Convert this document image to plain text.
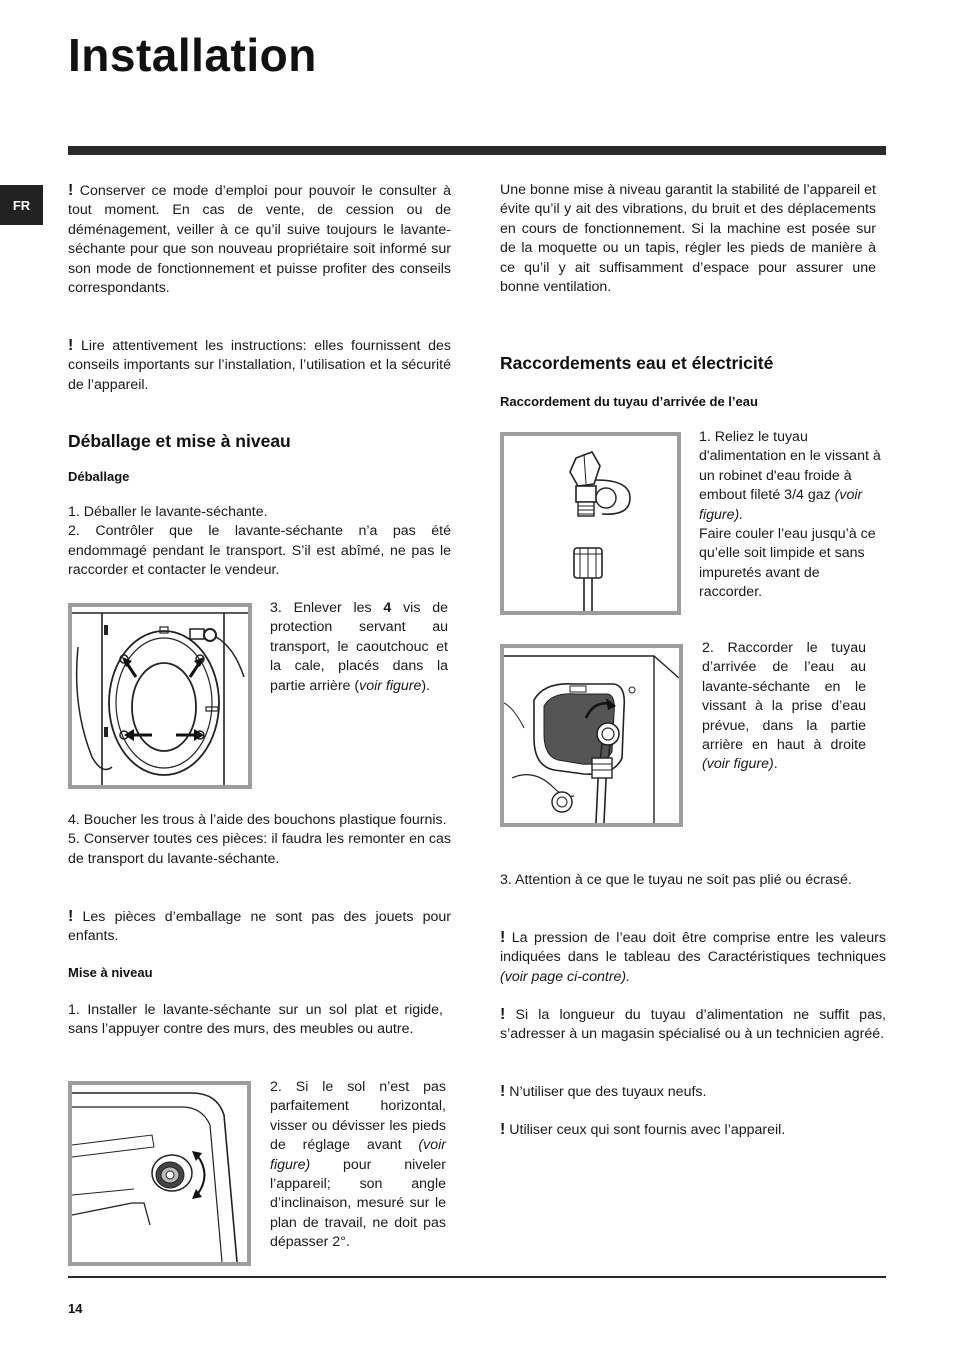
Installation
FR
! Conserver ce mode d’emploi pour pouvoir le consulter à tout moment. En cas de vente, de cession ou de déménagement, veiller à ce qu’il suive toujours le lavante-séchante pour que son nouveau propriétaire soit informé sur son mode de fonctionnement et puisse profiter des conseils correspondants.
! Lire attentivement les instructions: elles fournissent des conseils importants sur l’installation, l’utilisation et la sécurité de l’appareil.
Déballage et mise à niveau
Déballage

1. Déballer le lavante-séchante.

2. Contrôler que le lavante-séchante n’a pas été endommagé pendant le transport. S’il est abîmé, ne pas le raccorder et contacter le vendeur.

3. Enlever les 4 vis de protection servant au transport, le caoutchouc et la cale, placés dans la partie arrière (voir figure).

4. Boucher les trous à l’aide des bouchons plastique fournis.

5. Conserver toutes ces pièces: il faudra les remonter en cas de transport du lavante-séchante.

! Les pièces d’emballage ne sont pas des jouets pour enfants.
Mise à niveau

1. Installer le lavante-séchante sur un sol plat et rigide, sans l’appuyer contre des murs, des meubles ou autre.

2. Si le sol n’est pas parfaitement horizontal, visser ou dévisser les pieds de réglage avant (voir figure) pour niveler l’appareil; son angle d’inclinaison, mesuré sur le plan de travail, ne doit pas dépasser 2°.

Une bonne mise à niveau garantit la stabilité de l’appareil et évite qu’il y ait des vibrations, du bruit et des déplacements en cours de fonctionnement. Si la machine est posée sur de la moquette ou un tapis, régler les pieds de manière à ce qu’il y ait suffisamment d’espace pour assurer une bonne ventilation.

Raccordements eau et électricité
Raccordement du tuyau d’arrivée de l’eau

1. Reliez le tuyau d'alimentation en le vissant à un robinet d'eau froide à embout fileté 3/4 gaz (voir figure).

Faire couler l’eau jusqu’à ce qu’elle soit limpide et sans impuretés avant de raccorder.

2. Raccorder le tuyau d’arrivée de l’eau au lavante-séchante en le vissant à la prise d’eau prévue, dans la partie arrière en haut à droite (voir figure).

3. Attention à ce que le tuyau ne soit pas plié ou écrasé.

! La pression de l’eau doit être comprise entre les valeurs indiquées dans le tableau des Caractéristiques techniques (voir page ci-contre).
! Si la longueur du tuyau d’alimentation ne suffit pas, s’adresser à un magasin spécialisé ou à un technicien agréé.
! N’utiliser que des tuyaux neufs.
! Utiliser ceux qui sont fournis avec l’appareil.
14
